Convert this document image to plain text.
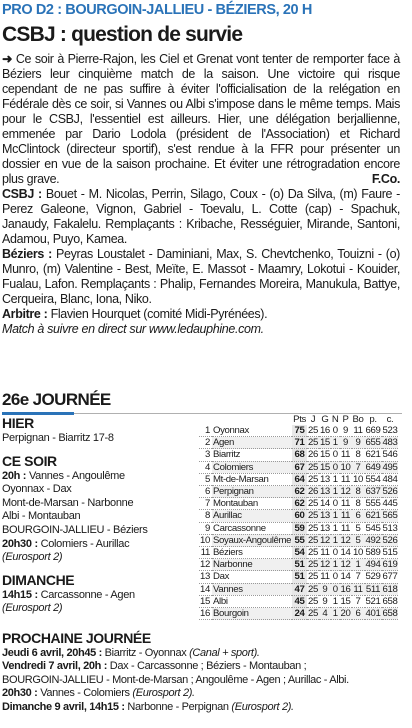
PRO D2 : BOURGOIN-JALLIEU - BÉZIERS, 20 H
CSBJ : question de survie

➜ Ce soir à Pierre-Rajon, les Ciel et Grenat vont tenter de remporter face à Béziers leur cinquième match de la saison. Une victoire qui risque cependant de ne pas suffire à éviter l'officialisation de la relégation en Fédérale dès ce soir, si Vannes ou Albi s'impose dans le même temps. Mais pour le CSBJ, l'essentiel est ailleurs. Hier, une délégation berjallienne, emmenée par Dario Lodola (président de l'Association) et Richard McClintock (directeur sportif), s'est rendue à la FFR pour présenter un dossier en vue de la saison prochaine. Et éviter une rétrogradation encore plus grave.	F.Co.

CSBJ : Bouet - M. Nicolas, Perrin, Silago, Coux - (o) Da Silva, (m) Faure - Perez Galeone, Vignon, Gabriel - Toevalu, L. Cotte (cap) - Spachuk, Janaudy, Fakalelu. Remplaçants : Kribache, Rességuier, Mirande, Santoni, Adamou, Puyo, Kamea.

Béziers : Peyras Loustalet - Daminiani, Max, S. Chevtchenko, Touizni - (o) Munro, (m) Valentine - Best, Meïte, E. Massot - Maamry, Lokotui - Kouider, Fualau, Lafon. Remplaçants : Phalip, Fernandes Moreira, Manukula, Battye, Cerqueira, Blanc, Iona, Niko.

Arbitre : Flavien Hourquet (comité Midi-Pyrénées).

Match à suivre en direct sur www.ledauphine.com.

26e JOURNÉE
HIER
Perpignan - Biarritz 17-8
CE SOIR
20h : Vannes - Angoulême
Oyonnax - Dax
Mont-de-Marsan - Narbonne
Albi - Montauban
BOURGOIN-JALLIEU - Béziers
20h30 : Colomiers - Aurillac
(Eurosport 2)
DIMANCHE
14h15 : Carcassonne - Agen
(Eurosport 2)
		Pts	J	G	N	P	Bo	p.	c.
1	Oyonnax	75	25	16	0	9	11	669	523
2	Agen	71	25	15	1	9	9	655	483
3	Biarritz	68	26	15	0	11	8	621	546
4	Colomiers	67	25	15	0	10	7	649	495
5	Mt-de-Marsan	64	25	13	1	11	10	554	484
6	Perpignan	62	26	13	1	12	8	637	526
7	Montauban	62	25	14	0	11	8	555	445
8	Aurillac	60	25	13	1	11	6	621	565
9	Carcassonne	59	25	13	1	11	5	545	513
10	Soyaux-Angoulême	55	25	12	1	12	5	492	526
11	Béziers	54	25	11	0	14	10	589	515
12	Narbonne	51	25	12	1	12	1	494	619
13	Dax	51	25	11	0	14	7	529	677
14	Vannes	47	25	9	0	16	11	511	618
15	Albi	45	25	9	1	15	7	521	658
16	Bourgoin	24	25	4	1	20	6	401	658
PROCHAINE JOURNÉE
Jeudi 6 avril, 20h45 : Biarritz - Oyonnax (Canal + sport).
Vendredi 7 avril, 20h : Dax - Carcassonne ; Béziers - Montauban ;
BOURGOIN-JALLIEU - Mont-de-Marsan ; Angoulême - Agen ; Aurillac - Albi.
20h30 : Vannes - Colomiers (Eurosport 2).
Dimanche 9 avril, 14h15 : Narbonne - Perpignan (Eurosport 2).
